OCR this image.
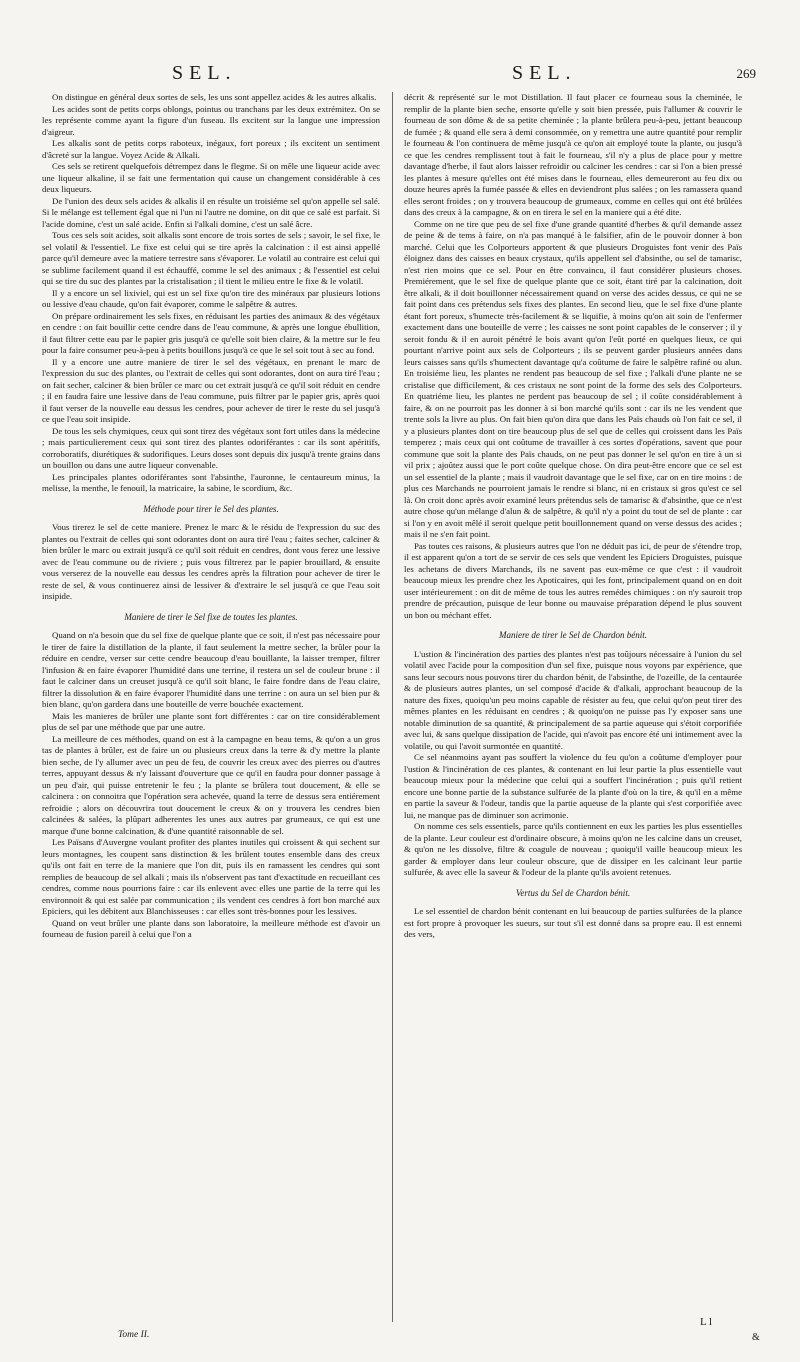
SEL.	SEL.	269

On distingue en général deux sortes de sels, les uns sont appellez acides & les autres alkalis.

Les acides sont de petits corps oblongs, pointus ou tranchans par les deux extrémitez. On se les représente comme ayant la figure d'un fuseau. Ils excitent sur la langue une impression d'aigreur.

Les alkalis sont de petits corps raboteux, inégaux, fort poreux ; ils excitent un sentiment d'âcreté sur la langue. Voyez Acide & Alkali.

Ces sels se retirent quelquefois détrempez dans le flegme. Si on mêle une liqueur acide avec une liqueur alkaline, il se fait une fermentation qui cause un changement considérable à ces deux liqueurs.

De l'union des deux sels acides & alkalis il en résulte un troisiéme sel qu'on appelle sel salé. Si le mélange est tellement égal que ni l'un ni l'autre ne domine, on dit que ce salé est parfait. Si l'acide domine, c'est un salé acide. Enfin si l'alkali domine, c'est un salé âcre.

Tous ces sels soit acides, soit alkalis sont encore de trois sortes de sels ; savoir, le sel fixe, le sel volatil & l'essentiel. Le fixe est celui qui se tire après la calcination : il est ainsi appellé parce qu'il demeure avec la matiere terrestre sans s'évaporer. Le volatil au contraire est celui qui se sublime facilement quand il est échauffé, comme le sel des animaux ; & l'essentiel est celui qui se tire du suc des plantes par la cristalisation ; il tient le milieu entre le fixe & le volatil.

Il y a encore un sel lixiviel, qui est un sel fixe qu'on tire des minéraux par plusieurs lotions ou lessive d'eau chaude, qu'on fait évaporer, comme le salpêtre & autres.

On prépare ordinairement les sels fixes, en réduisant les parties des animaux & des végétaux en cendre : on fait bouillir cette cendre dans de l'eau commune, & après une longue ébullition, il faut filtrer cette eau par le papier gris jusqu'à ce qu'elle soit bien claire, & la mettre sur le feu pour la faire consumer peu-à-peu à petits bouillons jusqu'à ce que le sel soit tout à sec au fond.

Il y a encore une autre maniere de tirer le sel des végétaux, en prenant le marc de l'expression du suc des plantes, ou l'extrait de celles qui sont odorantes, dont on aura tiré l'eau ; on fait secher, calciner & bien brûler ce marc ou cet extrait jusqu'à ce qu'il soit réduit en cendre ; il en faudra faire une lessive dans de l'eau commune, puis filtrer par le papier gris, après quoi il faut verser de la nouvelle eau dessus les cendres, pour achever de tirer le reste du sel jusqu'à ce que l'eau soit insipide.

De tous les sels chymiques, ceux qui sont tirez des végétaux sont fort utiles dans la médecine ; mais particulierement ceux qui sont tirez des plantes odoriférantes : car ils sont apéritifs, corroboratifs, diurétiques & sudorifiques. Leurs doses sont depuis dix jusqu'à trente grains dans un bouillon ou dans une autre liqueur convenable.

Les principales plantes odoriférantes sont l'absinthe, l'auronne, le centaureum minus, la melisse, la menthe, le fenouil, la matricaire, la sabine, le scordium, &c.

Méthode pour tirer le Sel des plantes.

Vous tirerez le sel de cette maniere. Prenez le marc & le résidu de l'expression du suc des plantes ou l'extrait de celles qui sont odorantes dont on aura tiré l'eau ; faites secher, calciner & bien brûler le marc ou extrait jusqu'à ce qu'il soit réduit en cendres, dont vous ferez une lessive avec de l'eau commune ou de riviere ; puis vous filtrerez par le papier brouillard, & ensuite vous verserez de la nouvelle eau dessus les cendres après la filtration pour achever de tirer le reste de sel, & vous continuerez ainsi de lessiver & d'extraire le sel jusqu'à ce que l'eau soit insipide.

Maniere de tirer le Sel fixe de toutes les plantes.

Quand on n'a besoin que du sel fixe de quelque plante que ce soit, il n'est pas nécessaire pour le tirer de faire la distillation de la plante, il faut seulement la mettre secher, la brûler pour la réduire en cendre, verser sur cette cendre beaucoup d'eau bouillante, la laisser tremper, filtrer l'infusion & en faire évaporer l'humidité dans une terrine, il restera un sel de couleur brune : il faut le calciner dans un creuset jusqu'à ce qu'il soit blanc, le faire fondre dans de l'eau claire, filtrer la dissolution & en faire évaporer l'humidité dans une terrine : on aura un sel bien pur & bien blanc, qu'on gardera dans une bouteille de verre bouchée exactement.

Mais les manieres de brûler une plante sont fort différentes : car on tire considérablement plus de sel par une méthode que par une autre.

La meilleure de ces méthodes, quand on est à la campagne en beau tems, & qu'on a un gros tas de plantes à brûler, est de faire un ou plusieurs creux dans la terre & d'y mettre la plante bien seche, de l'y allumer avec un peu de feu, de couvrir les creux avec des pierres ou d'autres terres, appuyant dessus & n'y laissant d'ouverture que ce qu'il en faudra pour donner passage à un peu d'air, qui puisse entretenir le feu ; la plante se brûlera tout doucement, & elle se calcinera : on connoitra que l'opération sera achevée, quand la terre de dessus sera entiérement refroidie ; alors on découvrira tout doucement le creux & on y trouvera les cendres bien calcinées & salées, la plûpart adherentes les unes aux autres par grumeaux, ce qui est une marque d'une bonne calcination, & d'une quantité raisonnable de sel.

Les Païsans d'Auvergne voulant profiter des plantes inutiles qui croissent & qui sechent sur leurs montagnes, les coupent sans distinction & les brûlent toutes ensemble dans des creux qu'ils ont fait en terre de la maniere que l'on dit, puis ils en ramassent les cendres qui sont remplies de beaucoup de sel alkali ; mais ils n'observent pas tant d'exactitude en recueillant ces cendres, comme nous pourrions faire : car ils enlevent avec elles une partie de la terre qui les environnoit & qui est salée par communication ; ils vendent ces cendres à fort bon marché aux Epiciers, qui les débitent aux Blanchisseuses : car elles sont très-bonnes pour les lessives.

Quand on veut brûler une plante dans son laboratoire, la meilleure méthode est d'avoir un fourneau de fusion pareil à celui que l'on a

décrit & représenté sur le mot Distillation. Il faut placer ce fourneau sous la cheminée, le remplir de la plante bien seche, ensorte qu'elle y soit bien pressée, puis l'allumer & couvrir le fourneau de son dôme & de sa petite cheminée ; la plante brûlera peu-à-peu, jettant beaucoup de fumée ; & quand elle sera à demi consommée, on y remettra une autre quantité pour remplir le fourneau & l'on continuera de même jusqu'à ce qu'on ait employé toute la plante, ou jusqu'à ce que les cendres remplissent tout à fait le fourneau, s'il n'y a plus de place pour y mettre davantage d'herbe, il faut alors laisser refroidir ou calciner les cendres : car si l'on a bien pressé les plantes à mesure qu'elles ont été mises dans le fourneau, elles demeureront au feu dix ou douze heures après la fumée passée & elles en deviendront plus salées ; on les ramassera quand elles seront froides ; on y trouvera beaucoup de grumeaux, comme en celles qui ont été brûlées dans des creux à la campagne, & on en tirera le sel en la maniere qui a été dite.

Comme on ne tire que peu de sel fixe d'une grande quantité d'herbes & qu'il demande assez de peine & de tems à faire, on n'a pas manqué à le falsifier, afin de le pouvoir donner à bon marché. Celui que les Colporteurs apportent & que plusieurs Droguistes font venir des Païs éloignez dans des caisses en beaux crystaux, qu'ils appellent sel d'absinthe, ou sel de tamarisc, n'est rien moins que ce sel. Pour en être convaincu, il faut considérer plusieurs choses. Premiérement, que le sel fixe de quelque plante que ce soit, étant tiré par la calcination, doit être alkali, & il doit bouillonner nécessairement quand on verse des acides dessus, ce qui ne se fait point dans ces prétendus sels fixes des plantes. En second lieu, que le sel fixe d'une plante étant fort poreux, s'humecte très-facilement & se liquifie, à moins qu'on ait soin de l'enfermer exactement dans une bouteille de verre ; les caisses ne sont point capables de le conserver ; il y seroit fondu & il en auroit pénétré le bois avant qu'on l'eût porté en quelques lieux, ce qui pourtant n'arrive point aux sels de Colporteurs ; ils se peuvent garder plusieurs années dans leurs caisses sans qu'ils s'humectent davantage qu'a coûtume de faire le salpêtre rafiné ou alun. En troisiéme lieu, les plantes ne rendent pas beaucoup de sel fixe ; l'alkali d'une plante ne se cristalise que difficilement, & ces cristaux ne sont point de la forme des sels des Colporteurs. En quatriéme lieu, les plantes ne perdent pas beaucoup de sel ; il coûte considérablement à faire, & on ne pourroit pas les donner à si bon marché qu'ils sont : car ils ne les vendent que trente sols la livre au plus. On fait bien qu'on dira que dans les Païs chauds où l'on fait ce sel, il y a plusieurs plantes dont on tire beaucoup plus de sel que de celles qui croissent dans les Païs temperez ; mais ceux qui ont coûtume de travailler à ces sortes d'opérations, savent que pour commune que soit la plante des Païs chauds, on ne peut pas donner le sel qu'on en tire à un si vil prix ; ajoûtez aussi que le port coûte quelque chose. On dira peut-être encore que ce sel est un sel essentiel de la plante ; mais il vaudroit davantage que le sel fixe, car on en tire moins : de plus ces Marchands ne pourroient jamais le rendre si blanc, ni en cristaux si gros qu'est ce sel là. On croit donc après avoir examiné leurs prétendus sels de tamarisc & d'absinthe, que ce n'est autre chose qu'un mélange d'alun & de salpêtre, & qu'il n'y a point du tout de sel de plante : car si l'on y en avoit mêlé il seroit quelque petit bouillonnement quand on verse dessus des acides ; mais il ne s'en fait point.

Pas toutes ces raisons, & plusieurs autres que l'on ne déduit pas ici, de peur de s'étendre trop, il est apparent qu'on a tort de se servir de ces sels que vendent les Epiciers Droguistes, puisque les achetans de divers Marchands, ils ne savent pas eux-même ce que c'est : il vaudroit beaucoup mieux les prendre chez les Apoticaires, qui les font, principalement quand on en doit user intérieurement : on dit de même de tous les autres remédes chimiques : on n'y sauroit trop prendre de précaution, puisque de leur bonne ou mauvaise préparation dépend le plus souvent un bon ou méchant effet.

Maniere de tirer le Sel de Chardon bénit.

L'ustion & l'incinération des parties des plantes n'est pas toûjours nécessaire à l'union du sel volatil avec l'acide pour la composition d'un sel fixe, puisque nous voyons par expérience, que sans leur secours nous pouvons tirer du chardon bénit, de l'absinthe, de l'ozeille, de la centaurée & de plusieurs autres plantes, un sel composé d'acide & d'alkali, approchant beaucoup de la nature des fixes, quoiqu'un peu moins capable de résister au feu, que celui qu'on peut tirer des mêmes plantes en les réduisant en cendres ; & quoiqu'on ne puisse pas l'y exposer sans une notable diminution de sa quantité, & principalement de sa partie aqueuse qui s'étoit corporifiée avec lui, & sans quelque dissipation de l'acide, qui n'avoit pas encore été uni intimement avec la volatile, ou qui l'avoit surmontée en quantité.

Ce sel néanmoins ayant pas souffert la violence du feu qu'on a coûtume d'employer pour l'ustion & l'incinération de ces plantes, & contenant en lui leur partie la plus essentielle vaut beaucoup mieux pour la médecine que celui qui a souffert l'incinération ; puis qu'il retient encore une bonne partie de la substance sulfurée de la plante d'où on la tire, & qu'il en a même en partie la saveur & l'odeur, tandis que la partie aqueuse de la plante qui s'est corporifiée avec lui, ne manque pas de diminuer son acrimonie.

On nomme ces sels essentiels, parce qu'ils contiennent en eux les parties les plus essentielles de la plante. Leur couleur est d'ordinaire obscure, à moins qu'on ne les calcine dans un creuset, & qu'on ne les dissolve, filtre & coagule de nouveau ; quoiqu'il vaille beaucoup mieux les garder & employer dans leur couleur obscure, que de dissiper en les calcinant leur partie sulfurée, & avec elle la saveur & l'odeur de la plante qu'ils avoient retenues.

Vertus du Sel de Chardon bénit.

Le sel essentiel de chardon bénit contenant en lui beaucoup de parties sulfurées de la plance est fort propre à provoquer les sueurs, sur tout s'il est donné dans sa propre eau. Il est ennemi des vers,

Tome II.
L l
&
